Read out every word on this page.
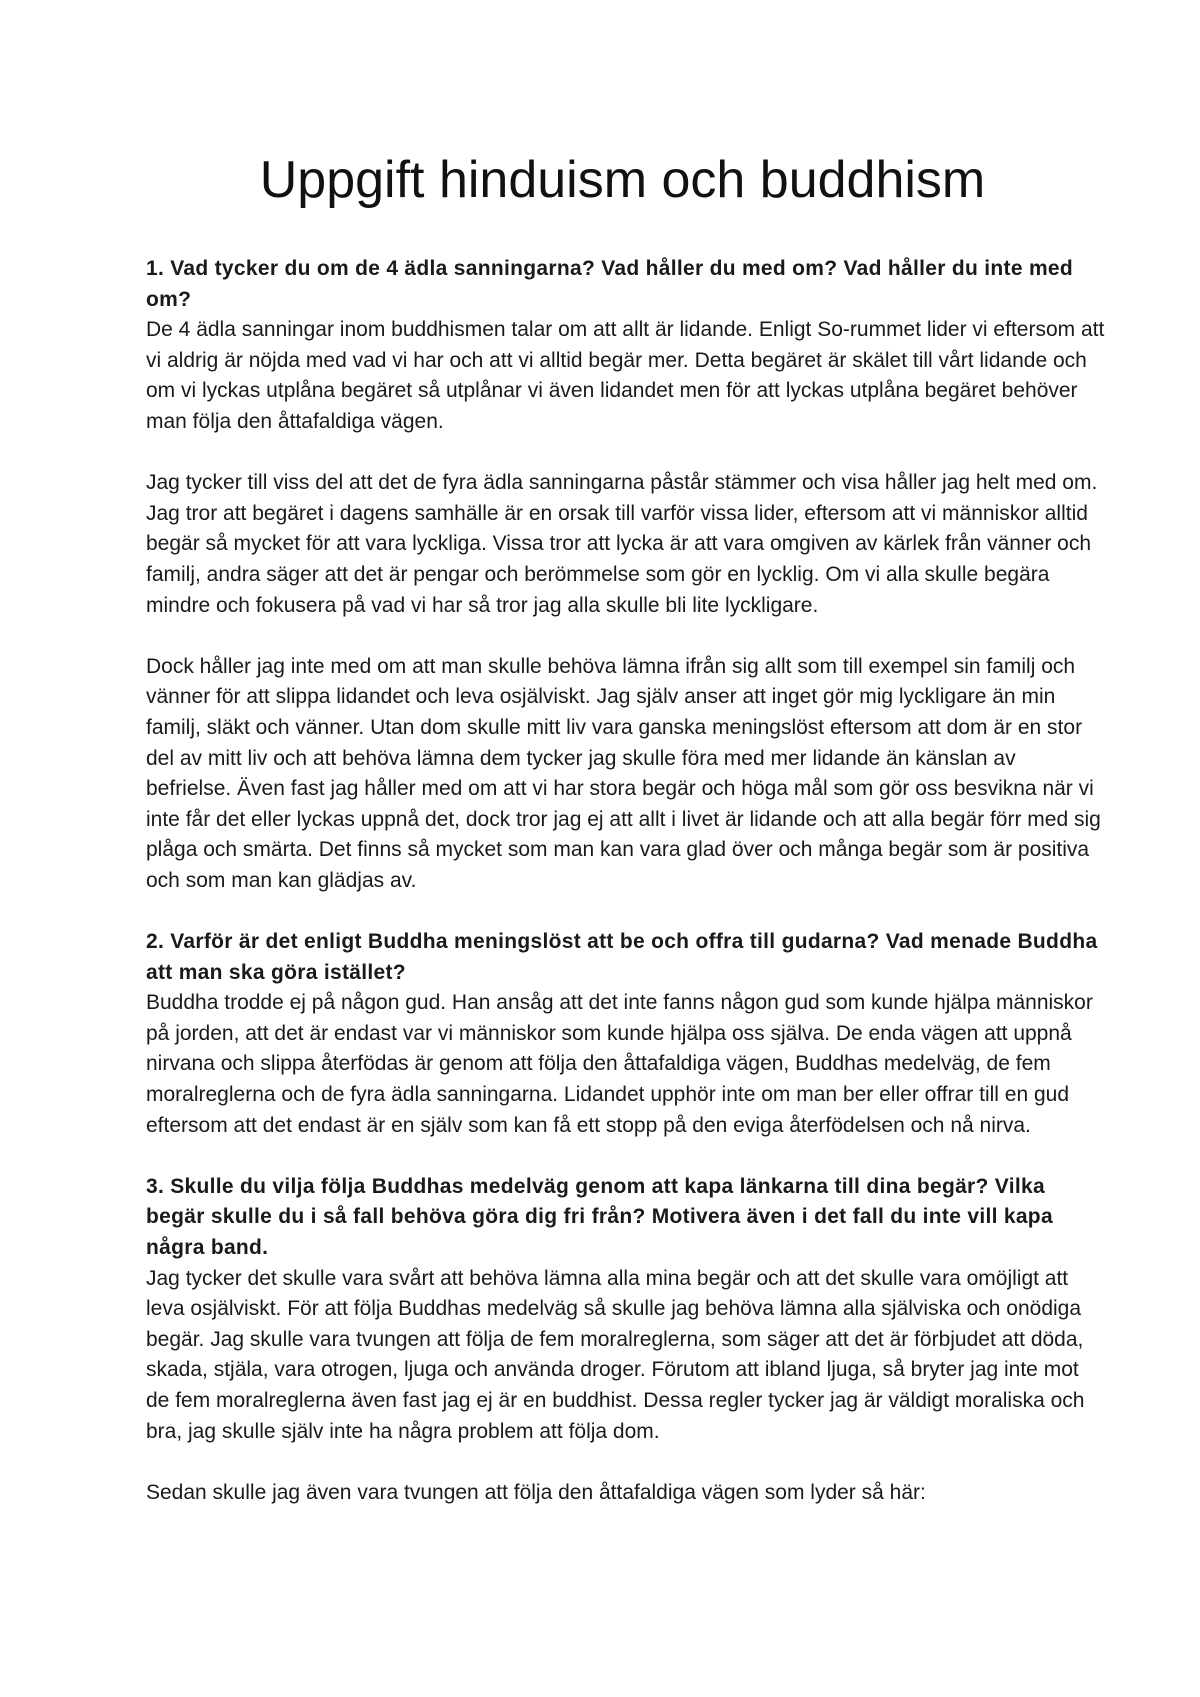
Uppgift hinduism och buddhism

1. Vad tycker du om de 4 ädla sanningarna? Vad håller du med om? Vad håller du inte med om?

De 4 ädla sanningar inom buddhismen talar om att allt är lidande. Enligt So-rummet lider vi eftersom att vi aldrig är nöjda med vad vi har och att vi alltid begär mer. Detta begäret är skälet till vårt lidande och om vi lyckas utplåna begäret så utplånar vi även lidandet men för att lyckas utplåna begäret behöver man följa den åttafaldiga vägen.

Jag tycker till viss del att det de fyra ädla sanningarna påstår stämmer och visa håller jag helt med om. Jag tror att begäret i dagens samhälle är en orsak till varför vissa lider, eftersom att vi människor alltid begär så mycket för att vara lyckliga. Vissa tror att lycka är att vara omgiven av kärlek från vänner och familj, andra säger att det är pengar och berömmelse som gör en lycklig. Om vi alla skulle begära mindre och fokusera på vad vi har så tror jag alla skulle bli lite lyckligare.

Dock håller jag inte med om att man skulle behöva lämna ifrån sig allt som till exempel sin familj och vänner för att slippa lidandet och leva osjälviskt. Jag själv anser att inget gör mig lyckligare än min familj, släkt och vänner. Utan dom skulle mitt liv vara ganska meningslöst eftersom att dom är en stor del av mitt liv och att behöva lämna dem tycker jag skulle föra med mer lidande än känslan av befrielse. Även fast jag håller med om att vi har stora begär och höga mål som gör oss besvikna när vi inte får det eller lyckas uppnå det, dock tror jag ej att allt i livet är lidande och att alla begär förr med sig plåga och smärta. Det finns så mycket som man kan vara glad över och många begär som är positiva och som man kan glädjas av.

2. Varför är det enligt Buddha meningslöst att be och offra till gudarna? Vad menade Buddha att man ska göra istället?

Buddha trodde ej på någon gud. Han ansåg att det inte fanns någon gud som kunde hjälpa människor på jorden, att det är endast var vi människor som kunde hjälpa oss själva. De enda vägen att uppnå nirvana och slippa återfödas är genom att följa den åttafaldiga vägen, Buddhas medelväg, de fem moralreglerna och de fyra ädla sanningarna. Lidandet upphör inte om man ber eller offrar till en gud eftersom att det endast är en själv som kan få ett stopp på den eviga återfödelsen och nå nirva.

3. Skulle du vilja följa Buddhas medelväg genom att kapa länkarna till dina begär? Vilka begär skulle du i så fall behöva göra dig fri från? Motivera även i det fall du inte vill kapa några band.

Jag tycker det skulle vara svårt att behöva lämna alla mina begär och att det skulle vara omöjligt att leva osjälviskt. För att följa Buddhas medelväg så skulle jag behöva lämna alla själviska och onödiga begär. Jag skulle vara tvungen att följa de fem moralreglerna, som säger att det är förbjudet att döda, skada, stjäla, vara otrogen, ljuga och använda droger. Förutom att ibland ljuga, så bryter jag inte mot de fem moralreglerna även fast jag ej är en buddhist. Dessa regler tycker jag är väldigt moraliska och bra, jag skulle själv inte ha några problem att följa dom.

Sedan skulle jag även vara tvungen att följa den åttafaldiga vägen som lyder så här:
